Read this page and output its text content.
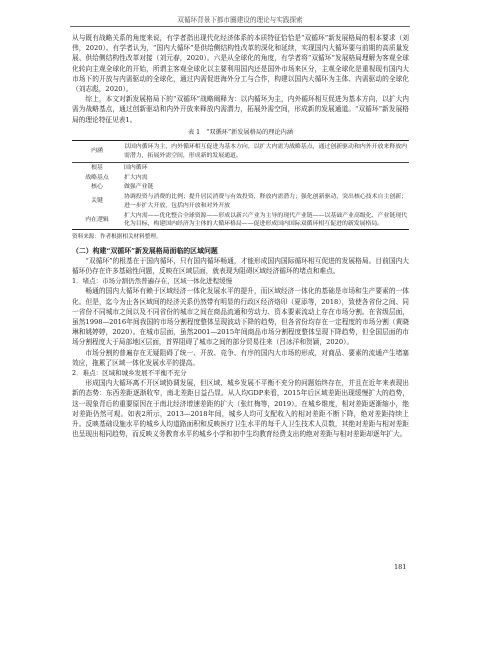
双循环背景下都市圈建设的理论与实践探索

从与既有战略关系的角度来说，有学者指出现代化经济体系的本质特征恰恰是“双循环”新发展格局的根本要求（刘伟，2020）。有学者认为，“国内大循环”是供给侧结构性改革的深化和延续，实现国内大循环要与前期的高质量发展、供给侧结构性改革对接（刘元春，2020）。六是从全球化的角度，有学者将“双循环”发展格局理解为客观全球化转向主观全球化的开始，所谓主客观全球化以主要利用国内还是国外市场来区分，主观全球化是重视现有国内大市场下的开放与内需驱动的全球化，通过内需促进海外分工与合作，构建以国内大循环为主体、内需驱动的全球化（刘志彪，2020）。

综上，本文对新发展格局下的“双循环”战略阐释为：以内循环为主，内外循环相互促进为基本方向，以扩大内需为战略基点，通过创新驱动和内外开放来释放内需潜力，拓展外需空间，形成新的发展通道。“双循环”新发展格局的理论特征见表1。

表 1　“双循环”新发展格局的理论内涵
内涵	以国内循环为主、内外循环相互促进为基本方向，以扩大内需为战略基点，通过创新驱动和内外开放来释放内需潜力，拓展外需空间，形成新的发展通道。
根基	国内循环
战略基点	扩大内需
核心	做强产业链
关键	协调投资与消费的比例；提升居民消费与有效投资，释放内需潜力；强化创新驱动，突出核心技术自主创新；进一步扩大开放，包括内开放和对外开放
内在逻辑	扩大内需——优化整合全球资源——形成以新兴产业为主导的现代产业链——以基础产业高级化、产业链现代化为目标，构建国内经济为主体的大循环格局——促进形成国内国际双循环相互促进的新发展格局。
资料来源：作者根据相关材料整理。

（二）构建“双循环”新发展格局面临的区域问题

“双循环”的根基在于国内循环，只有国内循环畅通，才能形成国内国际循环相互促进的发展格局。目前国内大循环仍存在许多基础性问题，反映在区域层面，就表现为阻碍区域经济循环的堵点和难点。

1．堵点：市场分割仍然普遍存在，区域一体化进程缓慢

畅通的国内大循环有赖于区域经济一体化发展水平的提升，而区域经济一体化的基础是市场和生产要素的一体化。但是，迄今为止各区域间的经济关系仍然带有明显的行政区经济烙印（夏添等，2018），致使各省份之间、同一省份不同城市之间以及不同省份的城市之间在商品流通和劳动力、资本要素流动上存在市场分割。在省级层面，虽然1998—2016年间我国的市场分割程度整体呈现波动下降的趋势，但各省份均存在一定程度的市场分割（黄晓琳和姚婷婷，2020）。在城市层面，虽然2001—2015年间商品市场分割程度整体呈现下降趋势，但全国层面的市场分割程度大于局部地区层面，首界阻碍了城市之间的部分贸易往来（吕冰洋和贺颖，2020）。

市场分割的普遍存在无疑阻碍了统一、开放、竞争、有序的国内大市场的形成，对商品、要素的流通产生堵塞效应，拖累了区域一体化发展水平的提高。

2．难点：区域和城乡发展不平衡不充分

形成国内大循环离不开区域协调发展，但区域、城乡发展不平衡不充分的问题始终存在，并且在近年来表现出新的态势：东西差距逐渐收窄，南北差距日益凸显。从人均GDP来看，2015年后区域差距出现缓慢扩大的趋势，这一现象背后的重要原因在于南北经济增速差距的扩大（张红梅等，2019）。在城乡维度，相对差距逐渐缩小，绝对差距仍然可观。如表2所示，2013—2018年间，城乡人均可支配收入的相对差距不断下降，绝对差距持续上升。反映基础设施水平的城乡人均道路面积和反映医疗卫生水平的每千人卫生技术人员数，其绝对差距与相对差距也呈现出相同趋势，而反映义务教育水平的城乡小学和初中生均教育经费支出的绝对差距与相对差距却逐年扩大。

181
